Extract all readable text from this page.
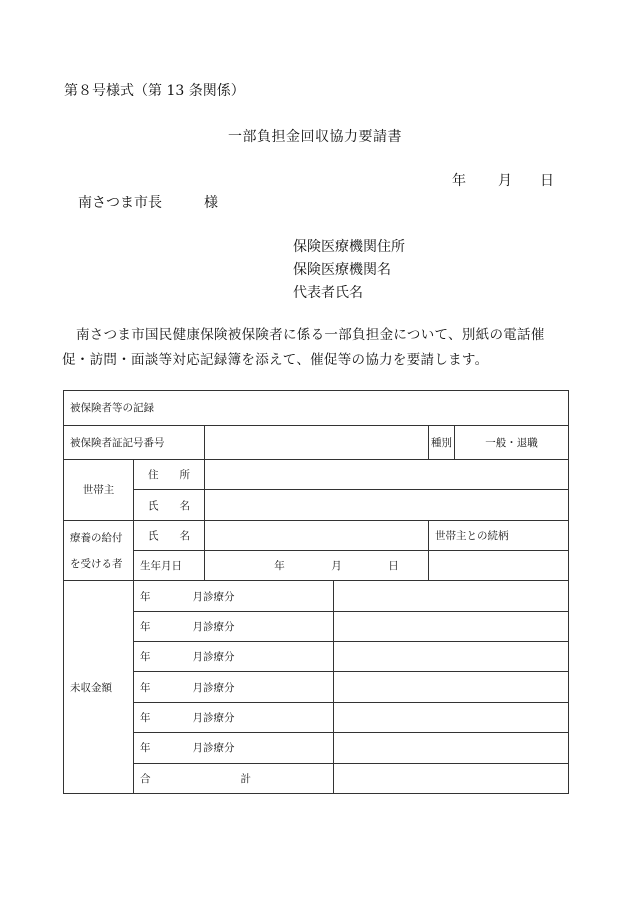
第８号様式（第 13 条関係）
一部負担金回収協力要請書
年 月 日
南さつま市長	様
保険医療機関住所
保険医療機関名
代表者氏名
南さつま市国民健康保険被保険者に係る一部負担金について、別紙の電話催促・訪問・面談等対応記録簿を添えて、催促等の協力を要請します。
被保険者等の記録					
被保険者証記号番号				種別	一般・退職
世帯主	住 所				

	氏 名				

療養の給付
を受ける者	氏 名			世帯主との続柄	
	生年月日	年 月 日			

未収金額	年 月診療分				
	年 月診療分				
	年 月診療分				
	年 月診療分				
	年 月診療分				
	年 月診療分				
	合 計				
